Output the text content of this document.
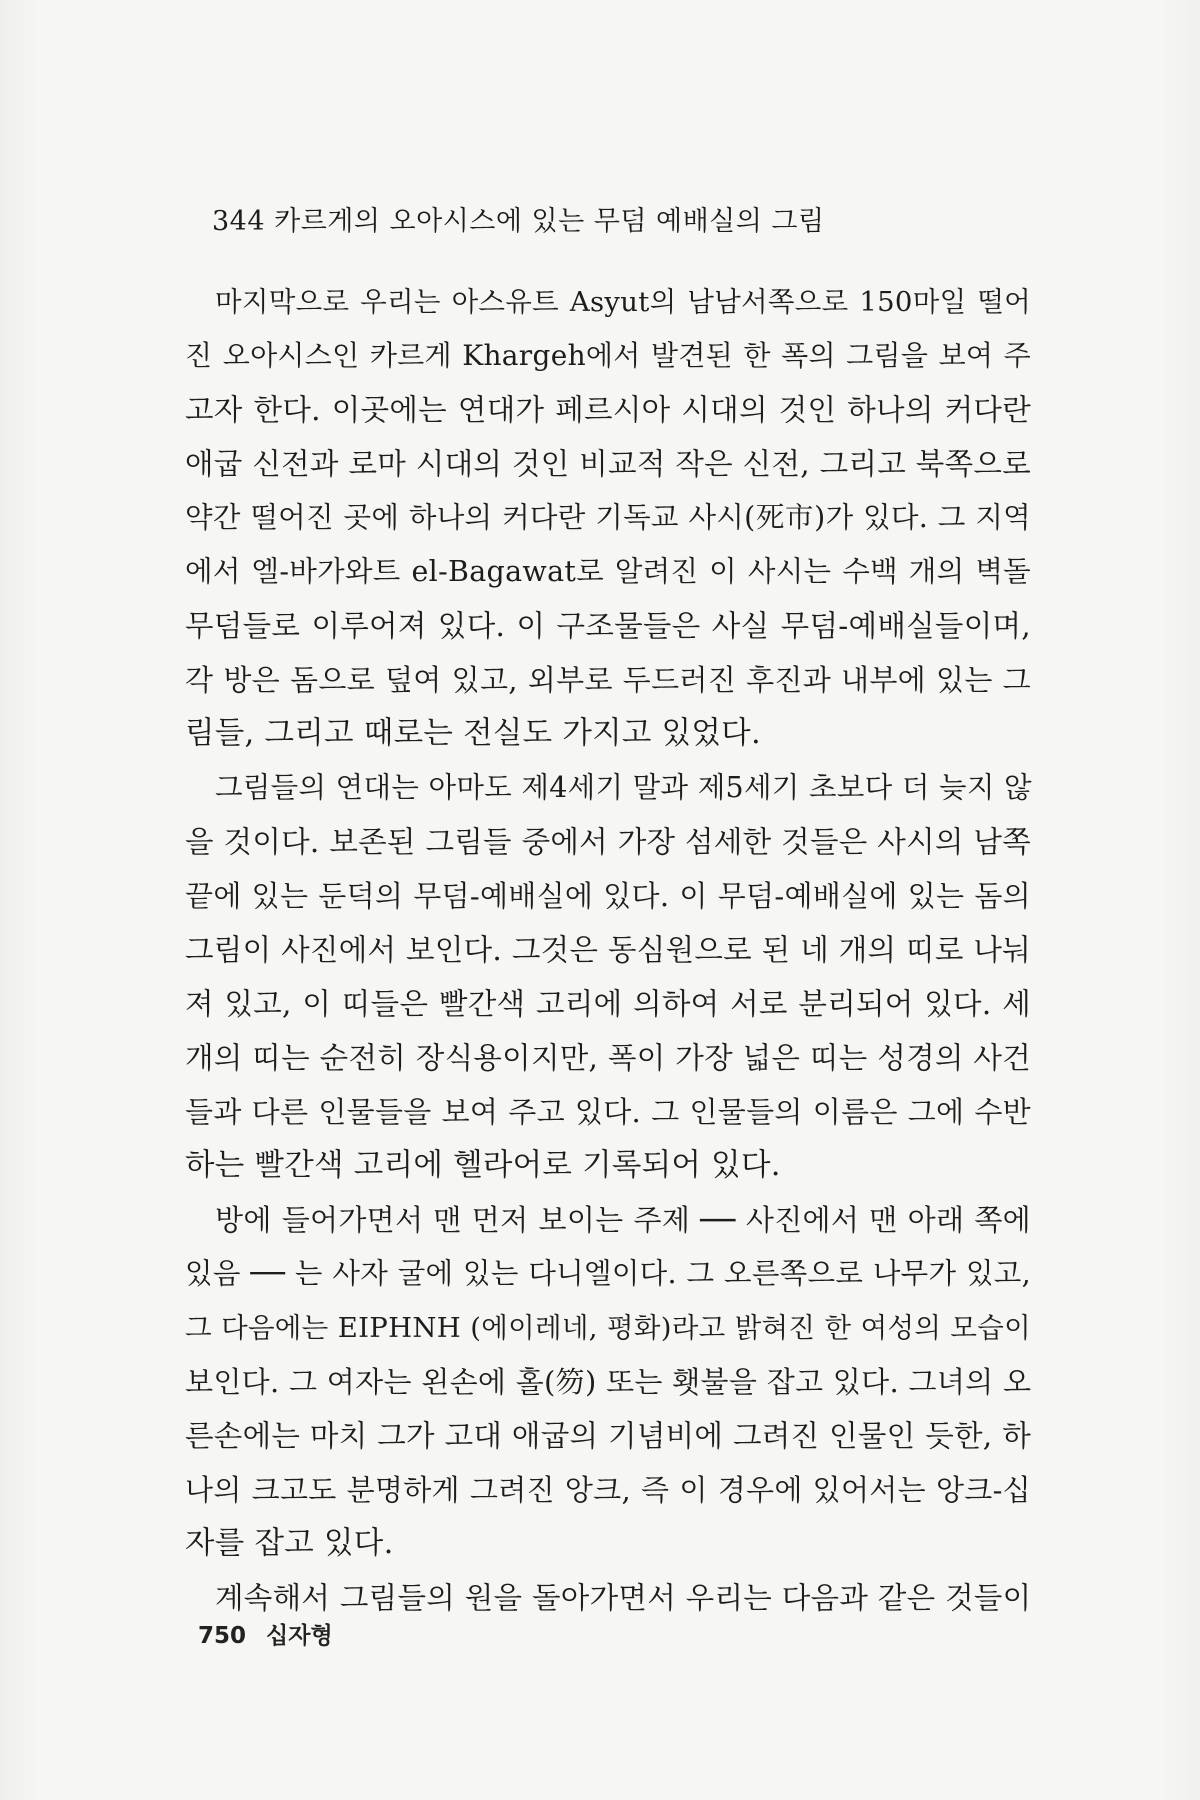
344 카르게의 오아시스에 있는 무덤 예배실의 그림
마지막으로 우리는 아스유트 Asyut의 남남서쪽으로 150마일 떨어
진 오아시스인 카르게 Khargeh에서 발견된 한 폭의 그림을 보여 주
고자 한다. 이곳에는 연대가 페르시아 시대의 것인 하나의 커다란
애굽 신전과 로마 시대의 것인 비교적 작은 신전, 그리고 북쪽으로
약간 떨어진 곳에 하나의 커다란 기독교 사시(死市)가 있다. 그 지역
에서 엘-바가와트 el-Bagawat로 알려진 이 사시는 수백 개의 벽돌
무덤들로 이루어져 있다. 이 구조물들은 사실 무덤-예배실들이며,
각 방은 돔으로 덮여 있고, 외부로 두드러진 후진과 내부에 있는 그
림들, 그리고 때로는 전실도 가지고 있었다.
그림들의 연대는 아마도 제4세기 말과 제5세기 초보다 더 늦지 않
을 것이다. 보존된 그림들 중에서 가장 섬세한 것들은 사시의 남쪽
끝에 있는 둔덕의 무덤-예배실에 있다. 이 무덤-예배실에 있는 돔의
그림이 사진에서 보인다. 그것은 동심원으로 된 네 개의 띠로 나눠
져 있고, 이 띠들은 빨간색 고리에 의하여 서로 분리되어 있다. 세
개의 띠는 순전히 장식용이지만, 폭이 가장 넓은 띠는 성경의 사건
들과 다른 인물들을 보여 주고 있다. 그 인물들의 이름은 그에 수반
하는 빨간색 고리에 헬라어로 기록되어 있다.
방에 들어가면서 맨 먼저 보이는 주제 ── 사진에서 맨 아래 쪽에
있음 ── 는 사자 굴에 있는 다니엘이다. 그 오른쪽으로 나무가 있고,
그 다음에는 EIPHNH (에이레네, 평화)라고 밝혀진 한 여성의 모습이
보인다. 그 여자는 왼손에 홀(笏) 또는 횃불을 잡고 있다. 그녀의 오
른손에는 마치 그가 고대 애굽의 기념비에 그려진 인물인 듯한, 하
나의 크고도 분명하게 그려진 앙크, 즉 이 경우에 있어서는 앙크-십
자를 잡고 있다.
계속해서 그림들의 원을 돌아가면서 우리는 다음과 같은 것들이
750 십자형
